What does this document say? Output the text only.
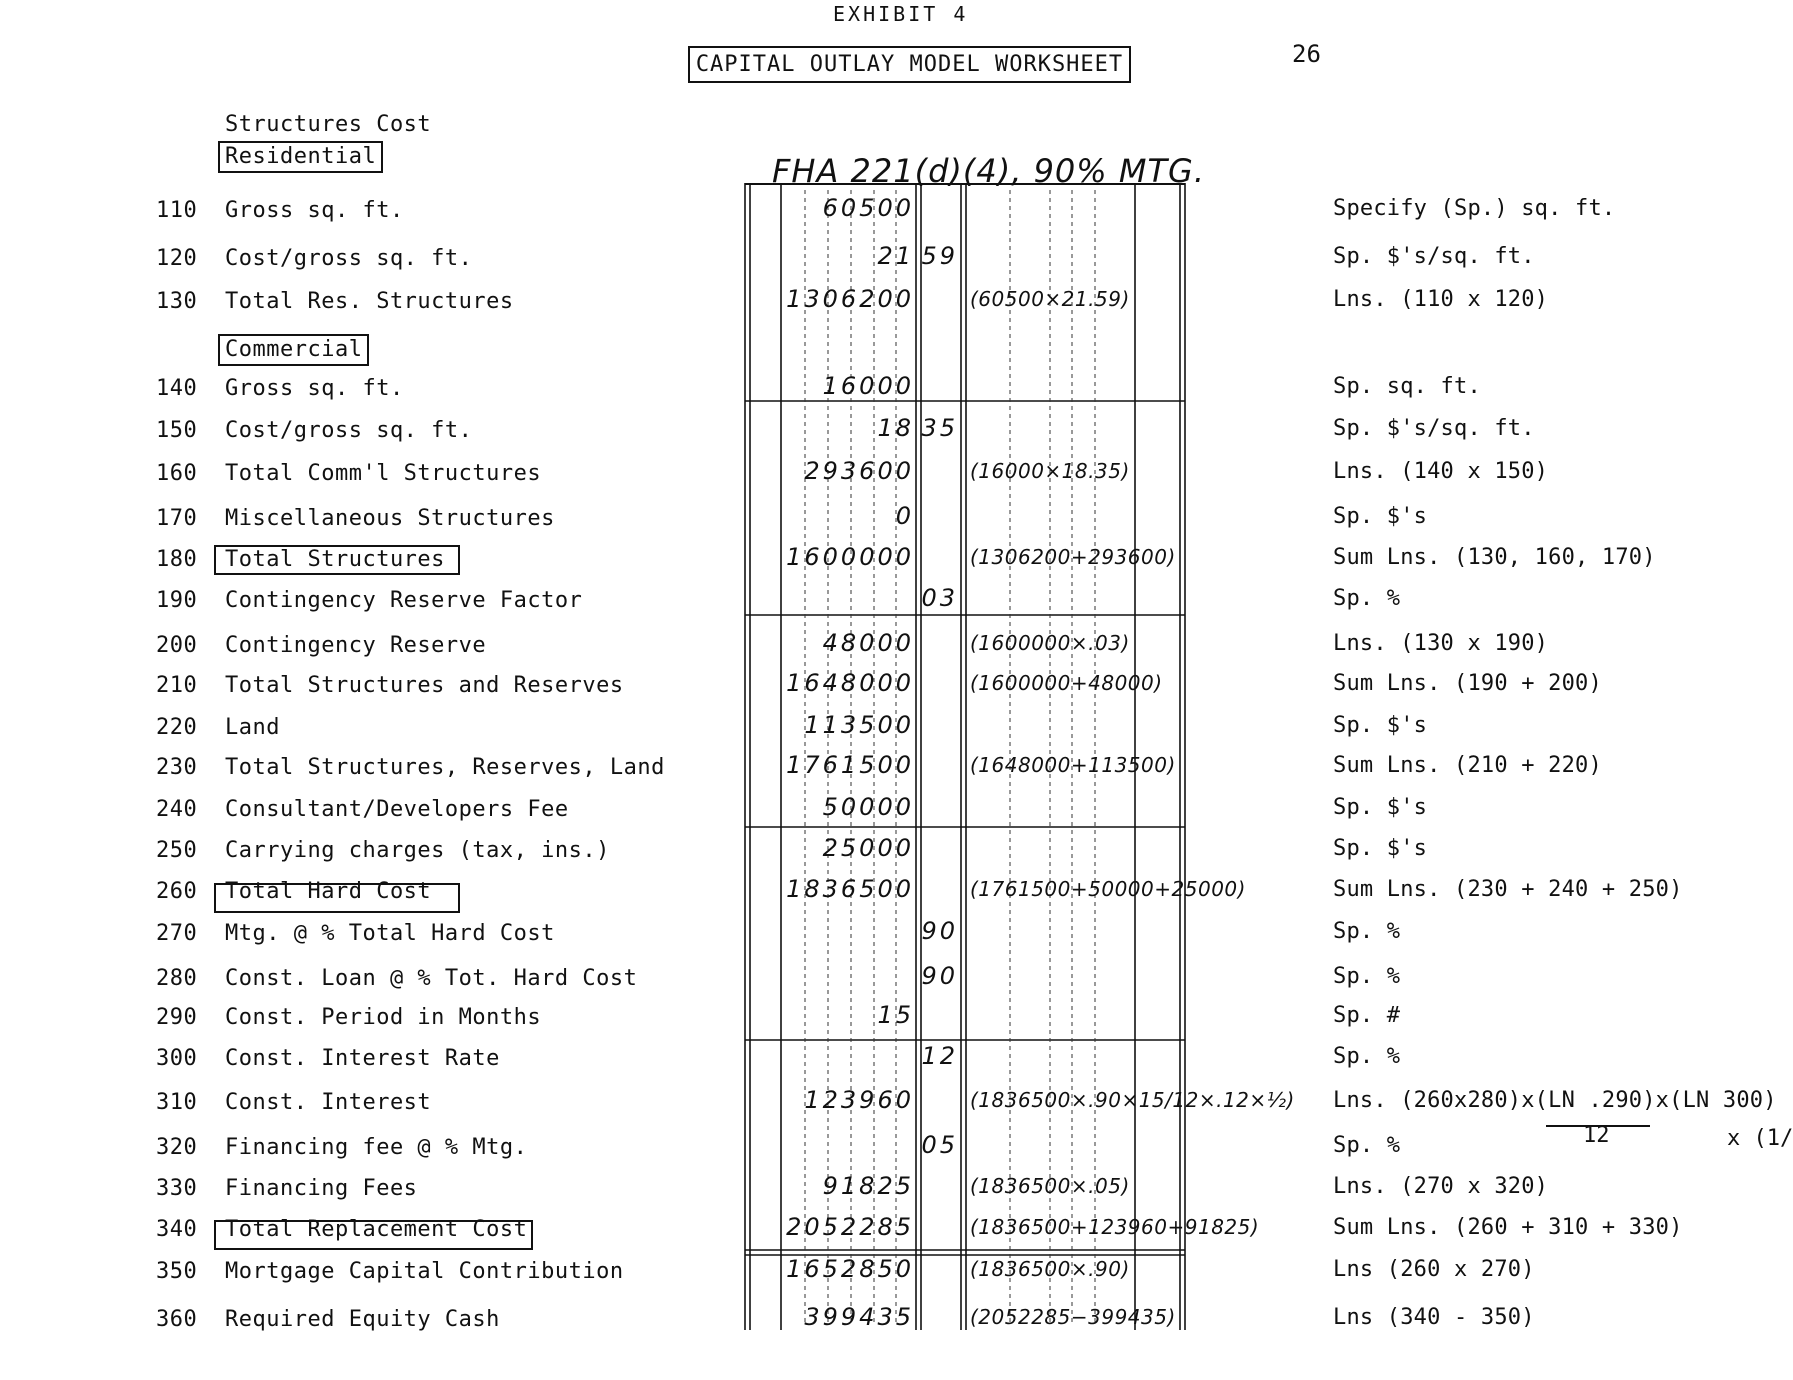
EXHIBIT 4
CAPITAL OUTLAY MODEL WORKSHEET	26
Structures Cost
Residential
Commercial
FHA 221(d)(4), 90% MTG.
12	x (1/
110 Gross sq. ft.	60500	Specify (Sp.) sq. ft.
120 Cost/gross sq. ft.	21 59	Sp. $'s/sq. ft.
130 Total Res. Structures	1306200	(60500×21.59)	Lns. (110 x 120)
140 Gross sq. ft.	16000	Sp. sq. ft.
150 Cost/gross sq. ft.	18 35	Sp. $'s/sq. ft.
160 Total Comm'l Structures	293600	(16000×18.35)	Lns. (140 x 150)
170 Miscellaneous Structures	0	Sp. $'s
180 Total Structures	1600000	(1306200+293600)	Sum Lns. (130, 160, 170)
190 Contingency Reserve Factor	03	Sp. %
200 Contingency Reserve	48000	(1600000×.03)	Lns. (130 x 190)
210 Total Structures and Reserves	1648000	(1600000+48000)	Sum Lns. (190 + 200)
220 Land	113500	Sp. $'s
230 Total Structures, Reserves, Land	1761500	(1648000+113500)	Sum Lns. (210 + 220)
240 Consultant/Developers Fee	50000	Sp. $'s
250 Carrying charges (tax, ins.)	25000	Sp. $'s
260 Total Hard Cost	1836500	(1761500+50000+25000)	Sum Lns. (230 + 240 + 250)
270 Mtg. @ % Total Hard Cost	90	Sp. %
280 Const. Loan @ % Tot. Hard Cost	90	Sp. %
290 Const. Period in Months	15	Sp. #
300 Const. Interest Rate	12	Sp. %
310 Const. Interest	123960	(1836500×.90×15/12×.12×½) Lns. (260x280)x(LN .290)x(LN 300)
320 Financing fee @ % Mtg.	05	Sp. %
330 Financing Fees	91825	(1836500×.05)	Lns. (270 x 320)
340 Total Replacement Cost	2052285	(1836500+123960+91825)	Sum Lns. (260 + 310 + 330)
350 Mortgage Capital Contribution	1652850	(1836500×.90)	Lns (260 x 270)
360 Required Equity Cash	399435	(2052285−399435)	Lns (340 - 350)
